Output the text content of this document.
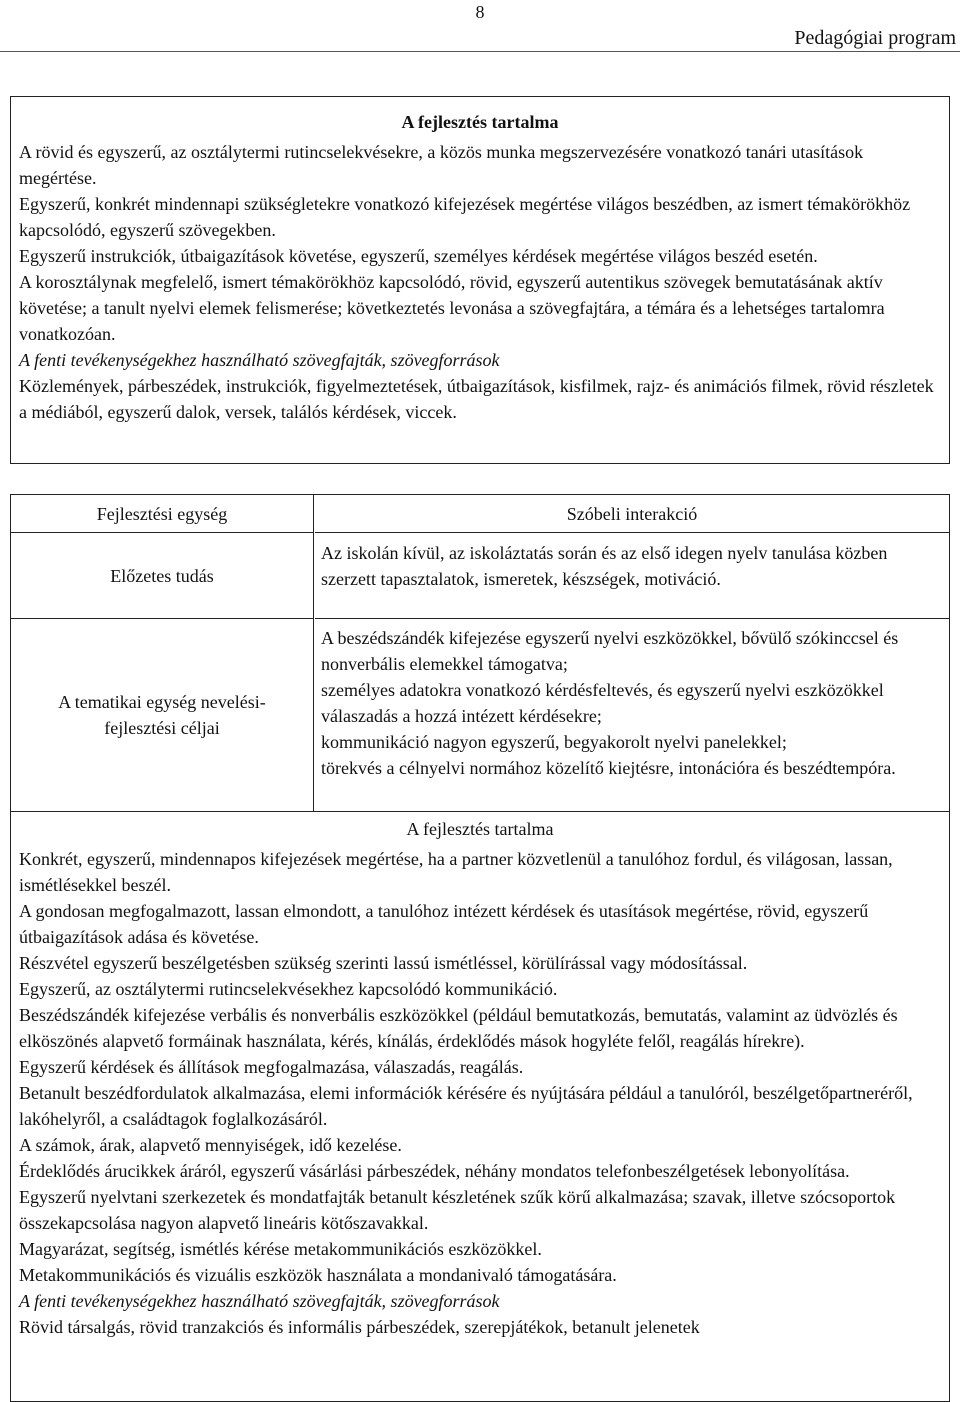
8
Pedagógiai program
A fejlesztés tartalma
A rövid és egyszerű, az osztálytermi rutincselekvésekre, a közös munka megszervezésére vonatkozó tanári utasítások megértése.
Egyszerű, konkrét mindennapi szükségletekre vonatkozó kifejezések megértése világos beszédben, az ismert témakörökhöz kapcsolódó, egyszerű szövegekben.
Egyszerű instrukciók, útbaigazítások követése, egyszerű, személyes kérdések megértése világos beszéd esetén.
A korosztálynak megfelelő, ismert témakörökhöz kapcsolódó, rövid, egyszerű autentikus szövegek bemutatásának aktív követése; a tanult nyelvi elemek felismerése; következtetés levonása a szövegfajtára, a témára és a lehetséges tartalomra vonatkozóan.
A fenti tevékenységekhez használható szövegfajták, szövegforrások
Közlemények, párbeszédek, instrukciók, figyelmeztetések, útbaigazítások, kisfilmek, rajz- és animációs filmek, rövid részletek a médiából, egyszerű dalok, versek, találós kérdések, viccek.
Fejlesztési egység
Előzetes tudás
A tematikai egység nevelési-fejlesztési céljai
Szóbeli interakció
Az iskolán kívül, az iskoláztatás során és az első idegen nyelv tanulása közben szerzett tapasztalatok, ismeretek, készségek, motiváció.
A beszédszándék kifejezése egyszerű nyelvi eszközökkel, bővülő szókinccsel és nonverbális elemekkel támogatva;
személyes adatokra vonatkozó kérdésfeltevés, és egyszerű nyelvi eszközökkel válaszadás a hozzá intézett kérdésekre;
kommunikáció nagyon egyszerű, begyakorolt nyelvi panelekkel;
törekvés a célnyelvi normához közelítő kiejtésre, intonációra és beszédtempóra.
A fejlesztés tartalma
Konkrét, egyszerű, mindennapos kifejezések megértése, ha a partner közvetlenül a tanulóhoz fordul, és világosan, lassan, ismétlésekkel beszél.
A gondosan megfogalmazott, lassan elmondott, a tanulóhoz intézett kérdések és utasítások megértése, rövid, egyszerű útbaigazítások adása és követése.
Részvétel egyszerű beszélgetésben szükség szerinti lassú ismétléssel, körülírással vagy módosítással.
Egyszerű, az osztálytermi rutincselekvésekhez kapcsolódó kommunikáció.
Beszédszándék kifejezése verbális és nonverbális eszközökkel (például bemutatkozás, bemutatás, valamint az üdvözlés és elköszönés alapvető formáinak használata, kérés, kínálás, érdeklődés mások hogyléte felől, reagálás hírekre).
Egyszerű kérdések és állítások megfogalmazása, válaszadás, reagálás.
Betanult beszédfordulatok alkalmazása, elemi információk kérésére és nyújtására például a tanulóról, beszélgetőpartneréről, lakóhelyről, a családtagok foglalkozásáról.
A számok, árak, alapvető mennyiségek, idő kezelése.
Érdeklődés árucikkek áráról, egyszerű vásárlási párbeszédek, néhány mondatos telefonbeszélgetések lebonyolítása.
Egyszerű nyelvtani szerkezetek és mondatfajták betanult készletének szűk körű alkalmazása; szavak, illetve szócsoportok összekapcsolása nagyon alapvető lineáris kötőszavakkal.
Magyarázat, segítség, ismétlés kérése metakommunikációs eszközökkel.
Metakommunikációs és vizuális eszközök használata a mondanivaló támogatására.
A fenti tevékenységekhez használható szövegfajták, szövegforrások
Rövid társalgás, rövid tranzakciós és informális párbeszédek, szerepjátékok, betanult jelenetek
